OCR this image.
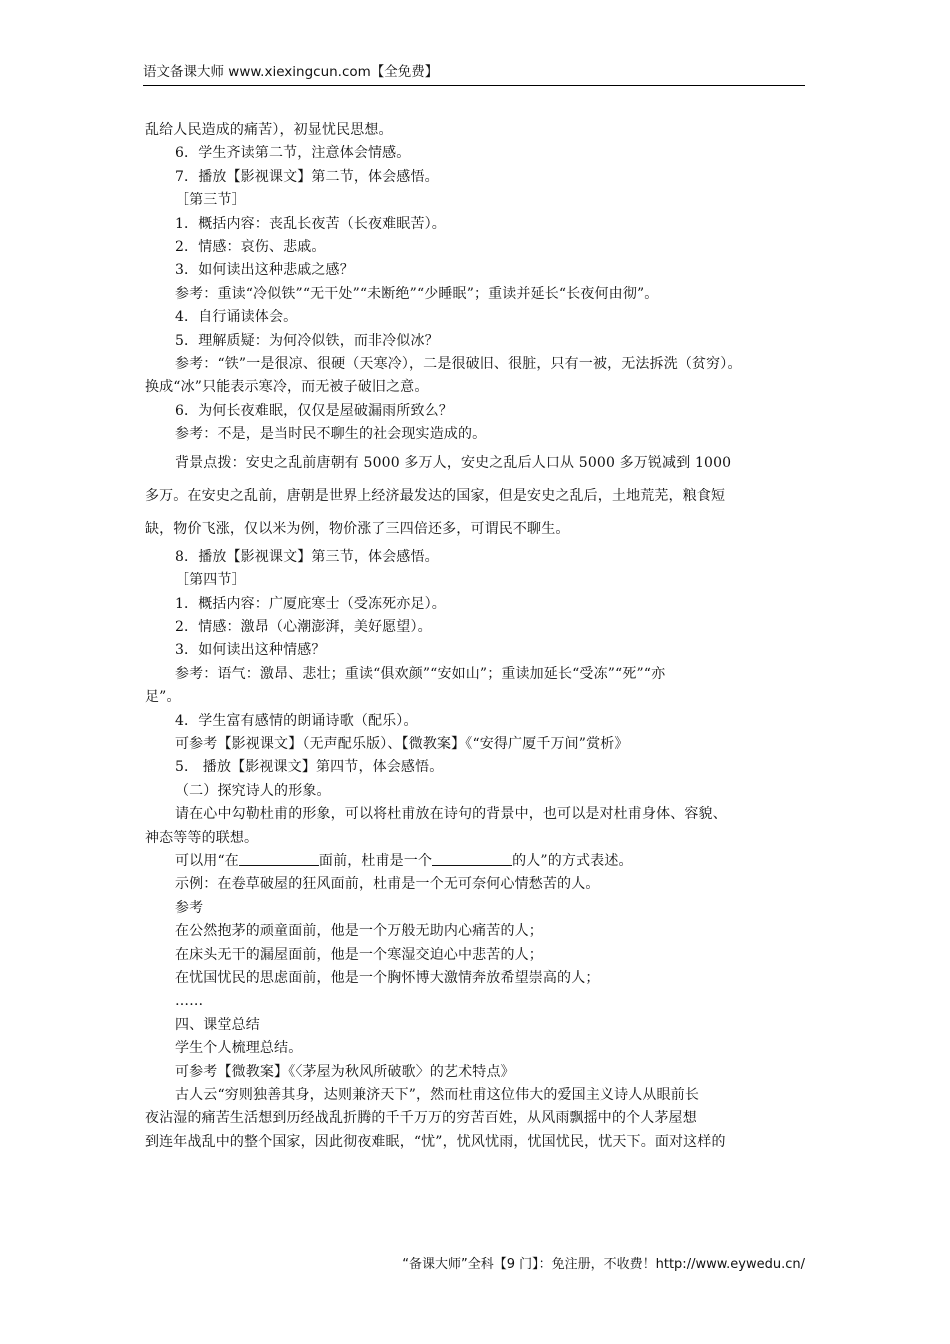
语文备课大师 www.xiexingcun.com【全免费】
乱给人民造成的痛苦），初显忧民思想。
6．学生齐读第二节，注意体会情感。
7．播放【影视课文】第二节，体会感悟。
［第三节］
1．概括内容：丧乱长夜苦（长夜难眠苦）。
2．情感：哀伤、悲戚。
3．如何读出这种悲戚之感？
参考：重读“冷似铁”“无干处”“未断绝”“少睡眠”；重读并延长“长夜何由彻”。
4．自行诵读体会。
5．理解质疑：为何冷似铁，而非冷似冰？
参考：“铁”一是很凉、很硬（天寒冷），二是很破旧、很脏，只有一被，无法拆洗（贫穷）。
换成“冰”只能表示寒冷，而无被子破旧之意。
6．为何长夜难眠，仅仅是屋破漏雨所致么？
参考：不是，是当时民不聊生的社会现实造成的。
背景点拨：安史之乱前唐朝有 5000 多万人，安史之乱后人口从 5000 多万锐减到 1000
多万。在安史之乱前，唐朝是世界上经济最发达的国家，但是安史之乱后，土地荒芜，粮食短
缺，物价飞涨，仅以米为例，物价涨了三四倍还多，可谓民不聊生。
8．播放【影视课文】第三节，体会感悟。
［第四节］
1．概括内容：广厦庇寒士（受冻死亦足）。
2．情感：激昂（心潮澎湃，美好愿望）。
3．如何读出这种情感？
参考：语气：激昂、悲壮；重读“俱欢颜”“安如山”；重读加延长“受冻”“死”“亦
足”。
4．学生富有感情的朗诵诗歌（配乐）。
可参考【影视课文】（无声配乐版）、【微教案】《“安得广厦千万间”赏析》
5． 播放【影视课文】第四节，体会感悟。
（二）探究诗人的形象。
请在心中勾勒杜甫的形象，可以将杜甫放在诗句的背景中，也可以是对杜甫身体、容貌、
神态等等的联想。
可以用“在	面前，杜甫是一个	的人”的方式表述。
示例：在卷草破屋的狂风面前，杜甫是一个无可奈何心情愁苦的人。
参考
在公然抱茅的顽童面前，他是一个万般无助内心痛苦的人；
在床头无干的漏屋面前，他是一个寒湿交迫心中悲苦的人；
在忧国忧民的思虑面前，他是一个胸怀博大激情奔放希望崇高的人；
……
四、课堂总结
学生个人梳理总结。
可参考【微教案】《〈茅屋为秋风所破歌〉的艺术特点》
古人云“穷则独善其身，达则兼济天下”，然而杜甫这位伟大的爱国主义诗人从眼前长
夜沾湿的痛苦生活想到历经战乱折腾的千千万万的穷苦百姓，从风雨飘摇中的个人茅屋想
到连年战乱中的整个国家，因此彻夜难眠，“忧”，忧风忧雨，忧国忧民，忧天下。面对这样的
“备课大师”全科【9 门】：免注册，不收费！http://www.eywedu.cn/
